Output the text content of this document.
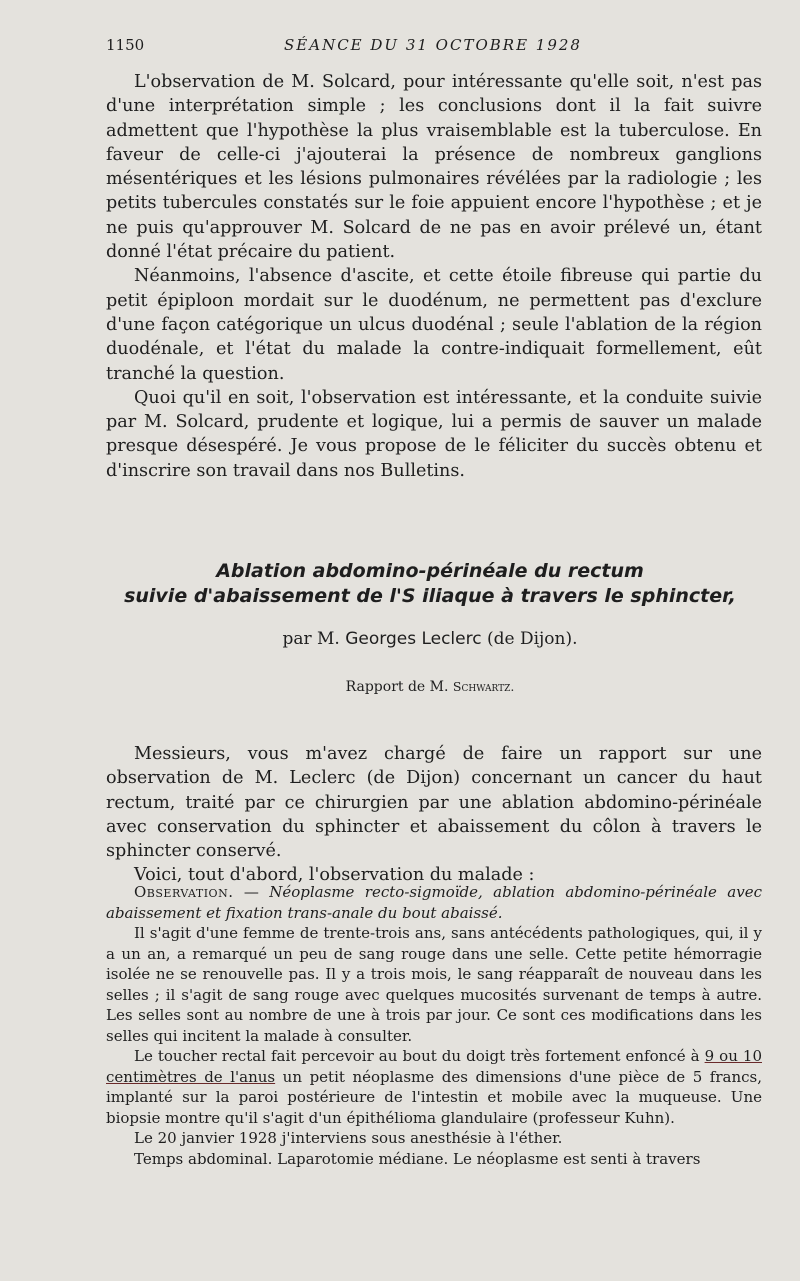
1150	SÉANCE DU 31 OCTOBRE 1928
L'observation de M. Solcard, pour intéressante qu'elle soit, n'est pas d'une interprétation simple ; les conclusions dont il la fait suivre admettent que l'hypothèse la plus vraisemblable est la tuberculose. En faveur de celle-ci j'ajouterai la présence de nombreux ganglions mésentériques et les lésions pulmonaires révélées par la radiologie ; les petits tubercules constatés sur le foie appuient encore l'hypothèse ; et je ne puis qu'approuver M. Solcard de ne pas en avoir prélevé un, étant donné l'état précaire du patient.
Néanmoins, l'absence d'ascite, et cette étoile fibreuse qui partie du petit épiploon mordait sur le duodénum, ne permettent pas d'exclure d'une façon catégorique un ulcus duodénal ; seule l'ablation de la région duodénale, et l'état du malade la contre-indiquait formellement, eût tranché la question.
Quoi qu'il en soit, l'observation est intéressante, et la conduite suivie par M. Solcard, prudente et logique, lui a permis de sauver un malade presque désespéré. Je vous propose de le féliciter du succès obtenu et d'inscrire son travail dans nos Bulletins.
Ablation abdomino-périnéale du rectum
suivie d'abaissement de l'S iliaque à travers le sphincter,
par M. Georges Leclerc (de Dijon).
Rapport de M. Schwartz.
Messieurs, vous m'avez chargé de faire un rapport sur une observation de M. Leclerc (de Dijon) concernant un cancer du haut rectum, traité par ce chirurgien par une ablation abdomino-périnéale avec conservation du sphincter et abaissement du côlon à travers le sphincter conservé.
Voici, tout d'abord, l'observation du malade :
Observation. — Néoplasme recto-sigmoïde, ablation abdomino-périnéale avec abaissement et fixation trans-anale du bout abaissé.
Il s'agit d'une femme de trente-trois ans, sans antécédents pathologiques, qui, il y a un an, a remarqué un peu de sang rouge dans une selle. Cette petite hémorragie isolée ne se renouvelle pas. Il y a trois mois, le sang réapparaît de nouveau dans les selles ; il s'agit de sang rouge avec quelques mucosités survenant de temps à autre. Les selles sont au nombre de une à trois par jour. Ce sont ces modifications dans les selles qui incitent la malade à consulter.
Le toucher rectal fait percevoir au bout du doigt très fortement enfoncé à 9 ou 10 centimètres de l'anus un petit néoplasme des dimensions d'une pièce de 5 francs, implanté sur la paroi postérieure de l'intestin et mobile avec la muqueuse. Une biopsie montre qu'il s'agit d'un épithélioma glandulaire (professeur Kuhn).
Le 20 janvier 1928 j'interviens sous anesthésie à l'éther.
Temps abdominal. Laparotomie médiane. Le néoplasme est senti à travers
